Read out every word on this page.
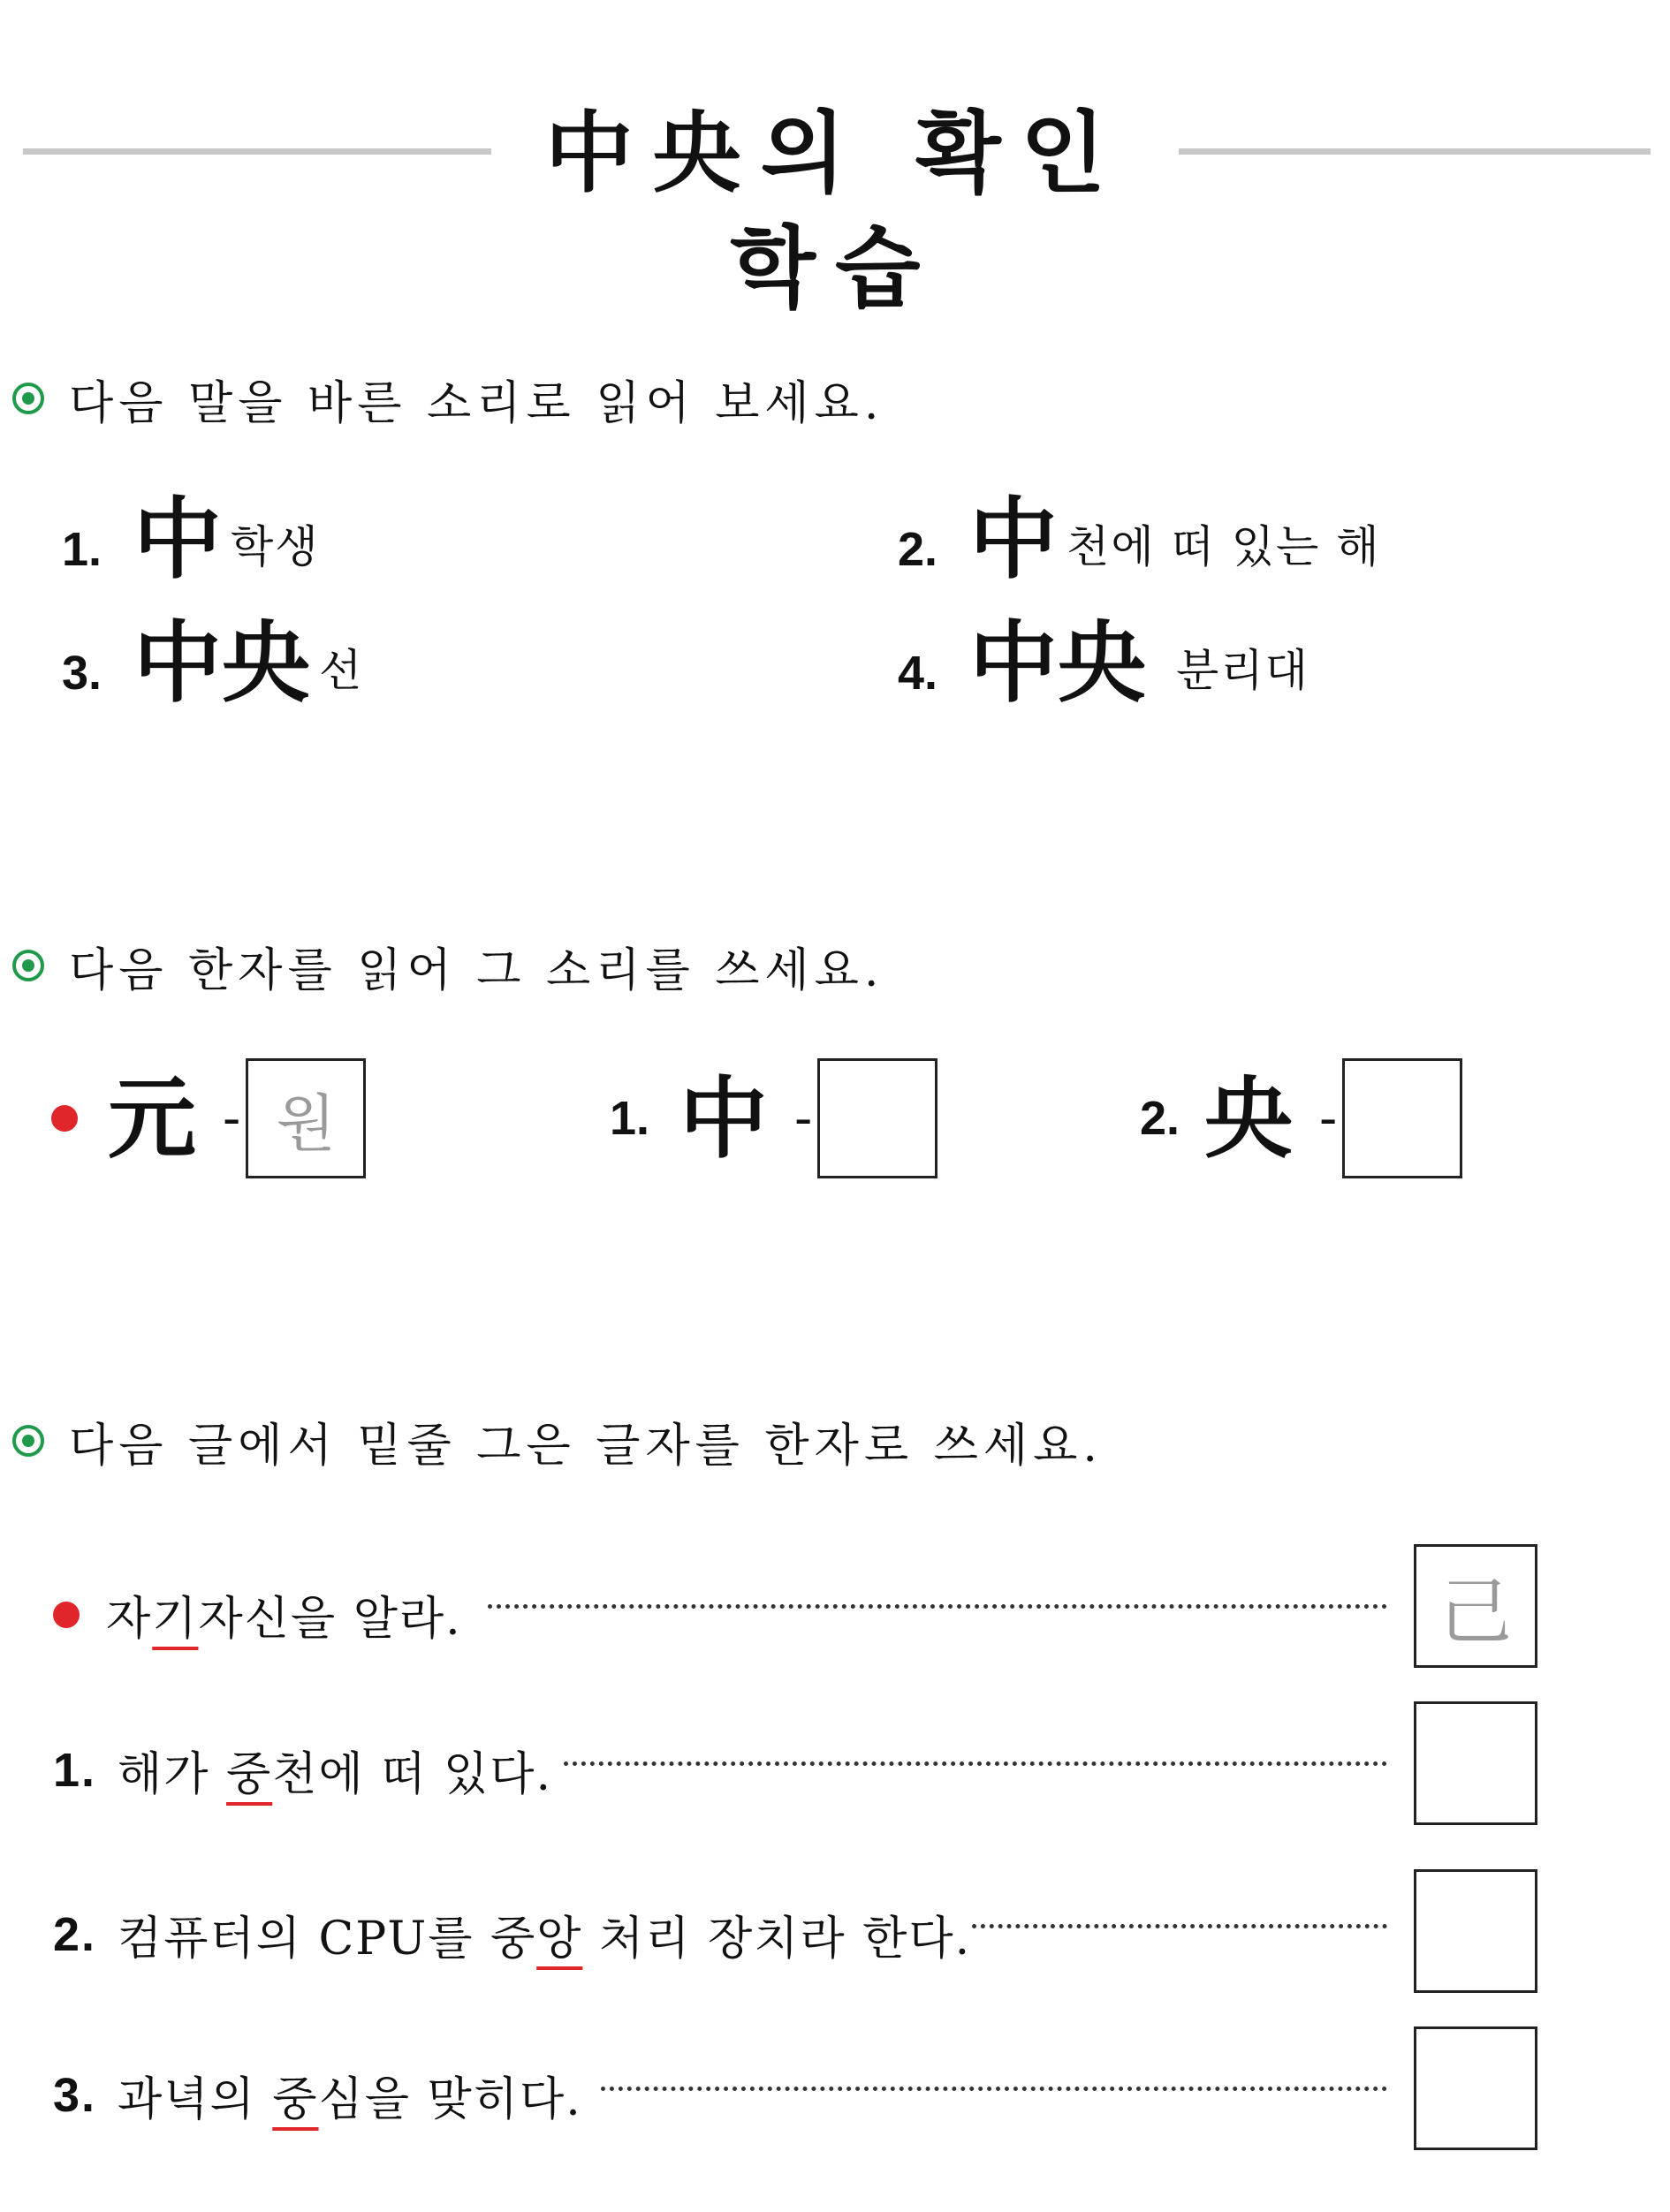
中央의 확인 학습
다음 말을 바른 소리로 읽어 보세요.
1. 中 학생	2. 中 천에 떠 있는 해
3. 中央 선	4. 中央 분리대
다음 한자를 읽어 그 소리를 쓰세요.
元 - 원	1. 中 -	2. 央 -
다음 글에서 밑줄 그은 글자를 한자로 쓰세요.
자 기 자신을 알라.	己
1. 해가 중 천에 떠 있다.
2. 컴퓨터의 CPU를 중 앙 처리 장치라 한다.
3. 과녁의 중 심을 맞히다.
